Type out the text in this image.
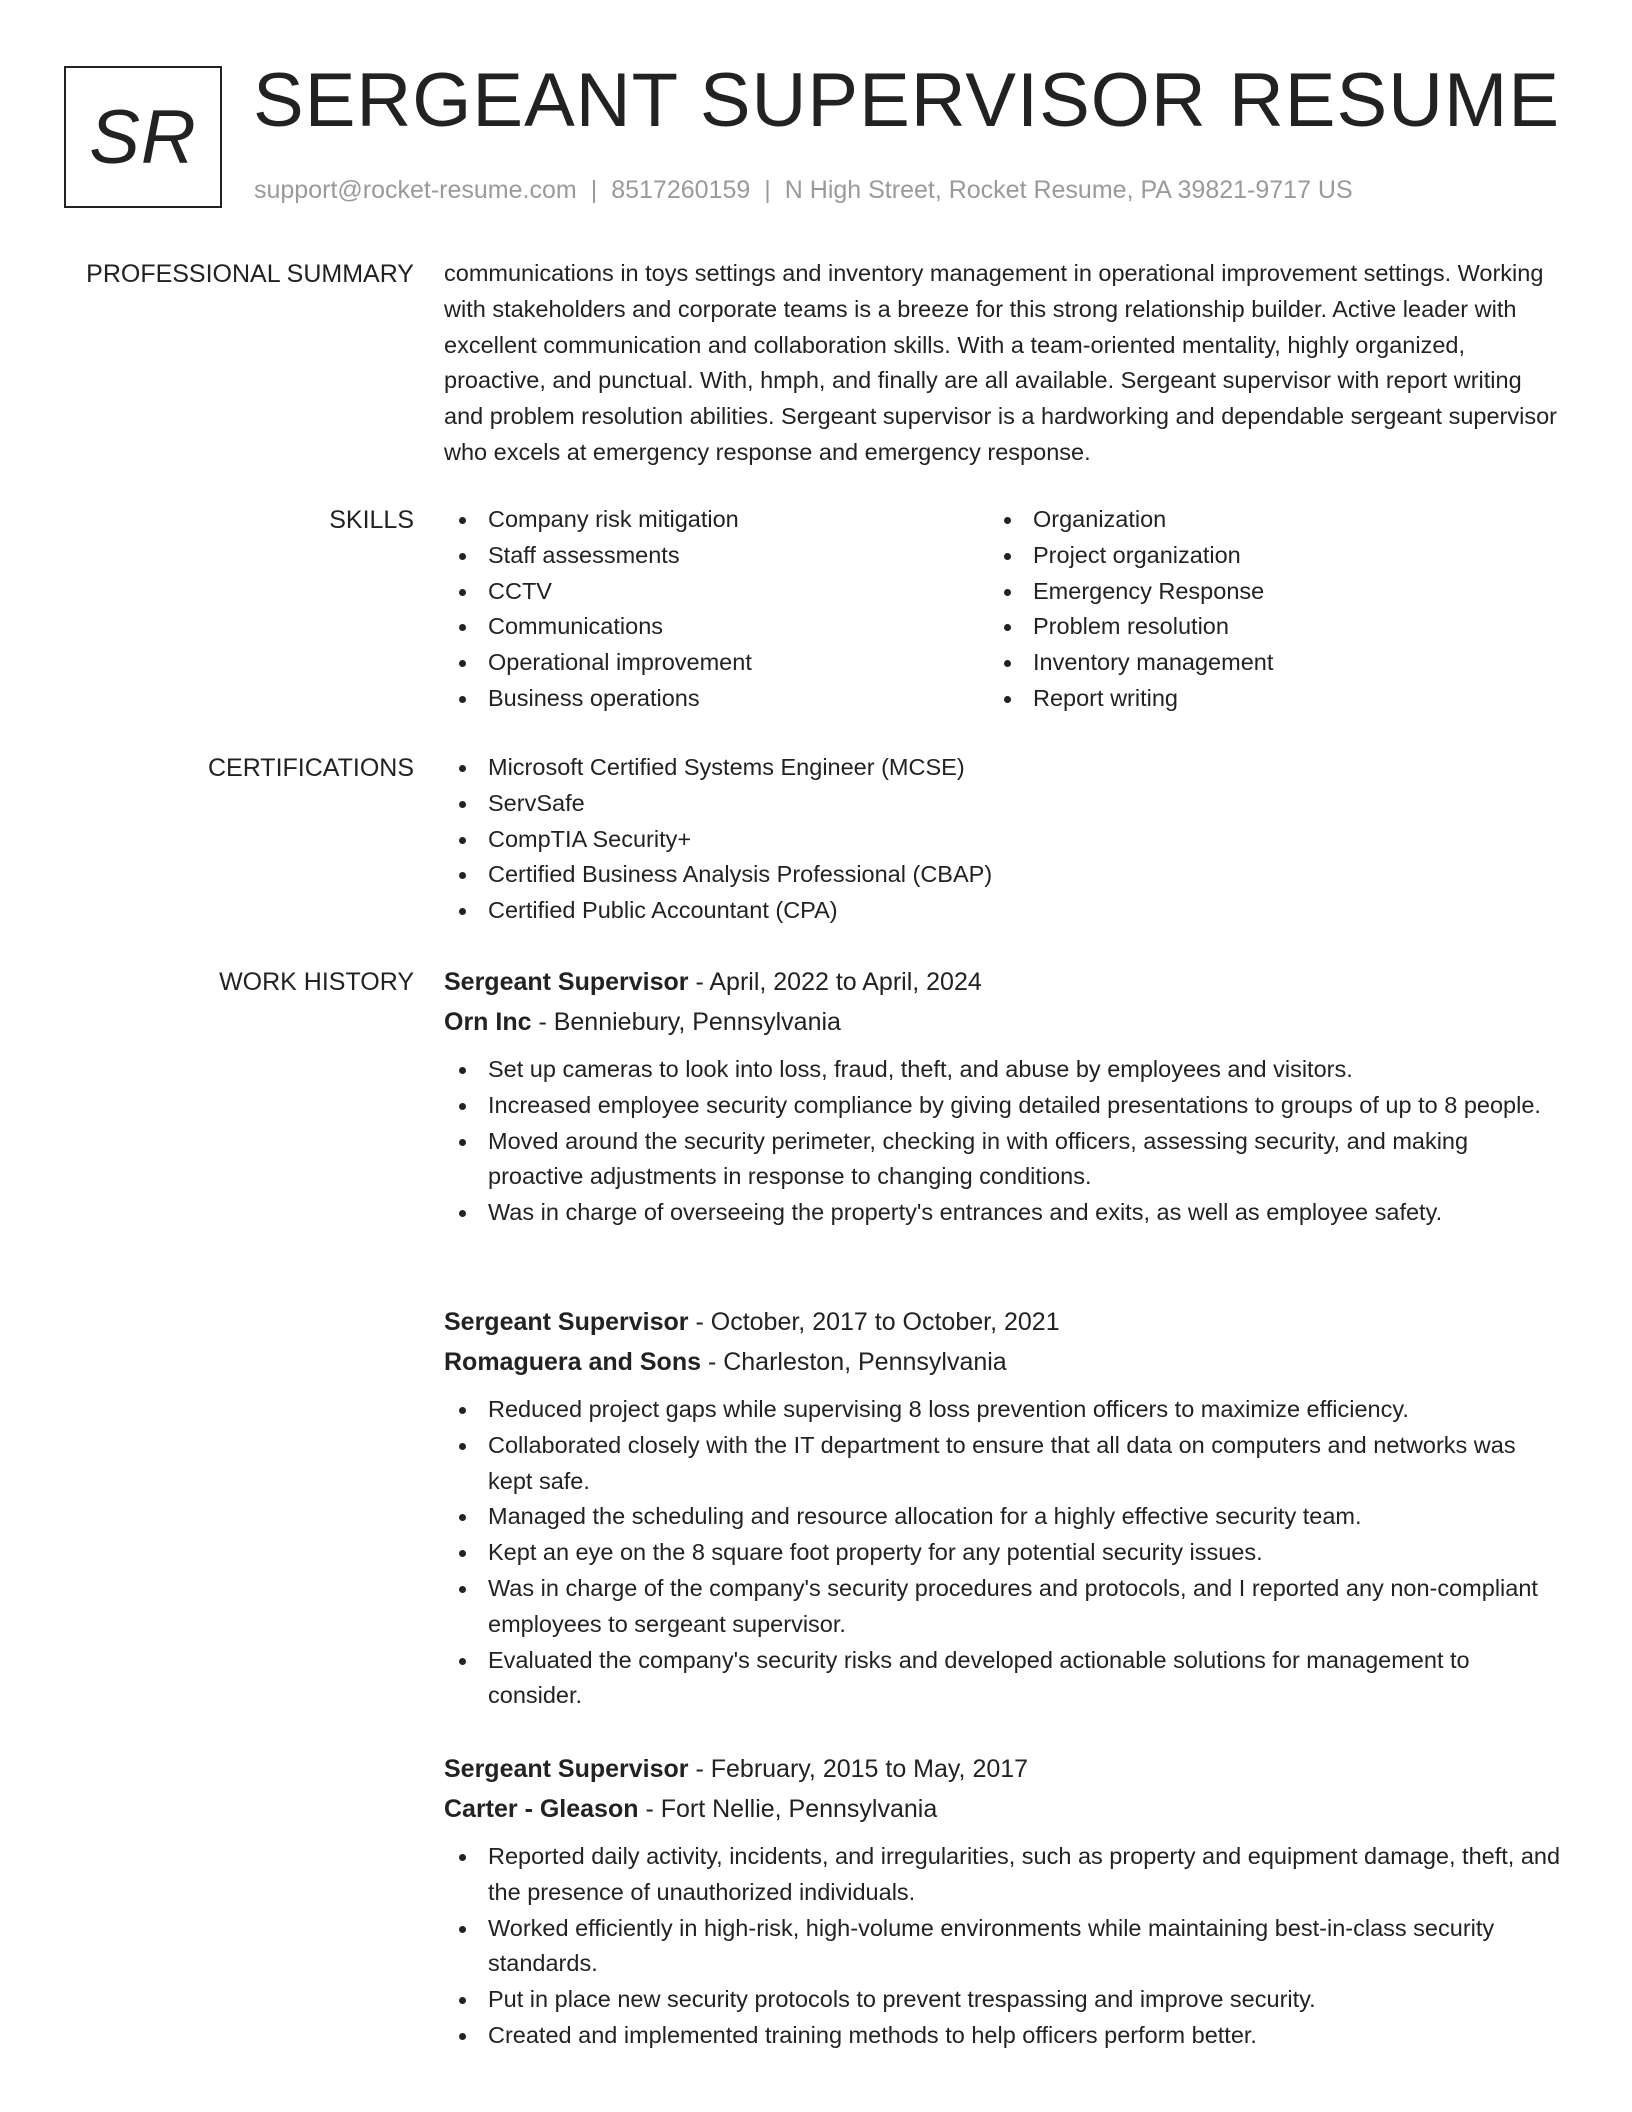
SR SERGEANT SUPERVISOR RESUME
support@rocket-resume.com | 8517260159 | N High Street, Rocket Resume, PA 39821-9717 US
PROFESSIONAL SUMMARY communications in toys settings and inventory management in operational improvement settings. Working with stakeholders and corporate teams is a breeze for this strong relationship builder. Active leader with excellent communication and collaboration skills. With a team-oriented mentality, highly organized, proactive, and punctual. With, hmph, and finally are all available. Sergeant supervisor with report writing and problem resolution abilities. Sergeant supervisor is a hardworking and dependable sergeant supervisor who excels at emergency response and emergency response.

SKILLS	Company risk mitigation
Staff assessments
CCTV
Communications
Operational improvement
Business operations
Organization
Project organization
Emergency Response
Problem resolution
Inventory management
Report writing
CERTIFICATIONS	Microsoft Certified Systems Engineer (MCSE)
ServSafe
CompTIA Security+
Certified Business Analysis Professional (CBAP)
Certified Public Accountant (CPA)
WORK HISTORY Sergeant Supervisor - April, 2022 to April, 2024
Orn Inc - Benniebury, Pennsylvania
Set up cameras to look into loss, fraud, theft, and abuse by employees and visitors.
Increased employee security compliance by giving detailed presentations to groups of up to 8 people.
Moved around the security perimeter, checking in with officers, assessing security, and making proactive adjustments in response to changing conditions.
Was in charge of overseeing the property's entrances and exits, as well as employee safety.
Sergeant Supervisor - October, 2017 to October, 2021
Romaguera and Sons - Charleston, Pennsylvania
Reduced project gaps while supervising 8 loss prevention officers to maximize efficiency.
Collaborated closely with the IT department to ensure that all data on computers and networks was kept safe.
Managed the scheduling and resource allocation for a highly effective security team.
Kept an eye on the 8 square foot property for any potential security issues.
Was in charge of the company's security procedures and protocols, and I reported any non-compliant employees to sergeant supervisor.
Evaluated the company's security risks and developed actionable solutions for management to consider.
Sergeant Supervisor - February, 2015 to May, 2017
Carter - Gleason - Fort Nellie, Pennsylvania
Reported daily activity, incidents, and irregularities, such as property and equipment damage, theft, and the presence of unauthorized individuals.
Worked efficiently in high-risk, high-volume environments while maintaining best-in-class security standards.
Put in place new security protocols to prevent trespassing and improve security.
Created and implemented training methods to help officers perform better.
